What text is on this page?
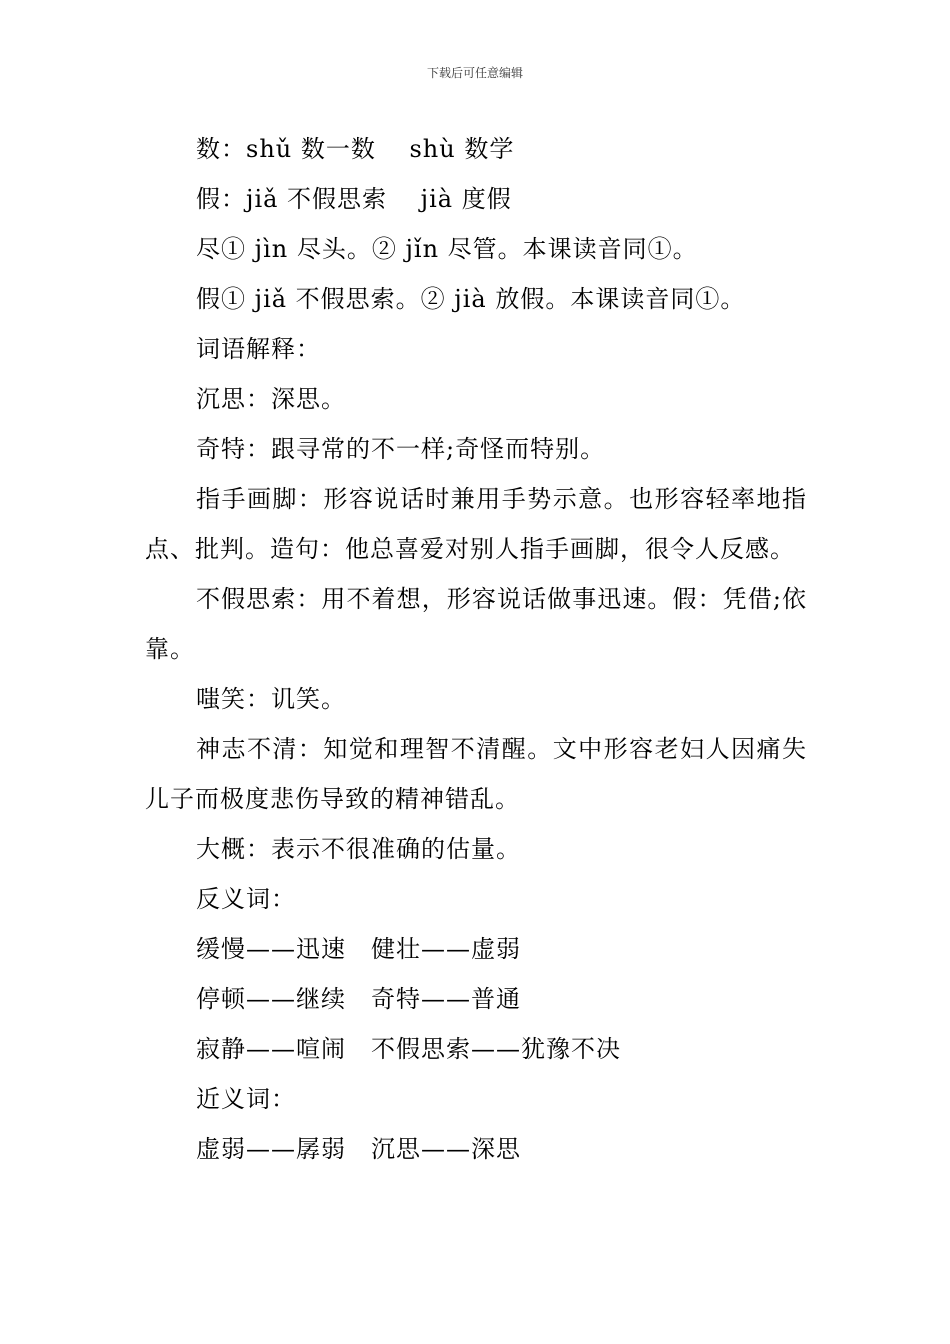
下载后可任意编辑

数：shǔ 数一数　 shù 数学

假：jiǎ 不假思索　 jià 度假

尽① jìn 尽头。② jǐn 尽管。本课读音同①。

假① jiǎ 不假思索。② jià 放假。本课读音同①。

词语解释：

沉思：深思。

奇特：跟寻常的不一样;奇怪而特别。

指手画脚：形容说话时兼用手势示意。也形容轻率地指点、批判。造句：他总喜爱对别人指手画脚，很令人反感。

不假思索：用不着想，形容说话做事迅速。假：凭借;依靠。

嗤笑：讥笑。

神志不清：知觉和理智不清醒。文中形容老妇人因痛失儿子而极度悲伤导致的精神错乱。

大概：表示不很准确的估量。

反义词：

缓慢——迅速　健壮——虚弱

停顿——继续　奇特——普通

寂静——喧闹　不假思索——犹豫不决

近义词：

虚弱——孱弱　沉思——深思
